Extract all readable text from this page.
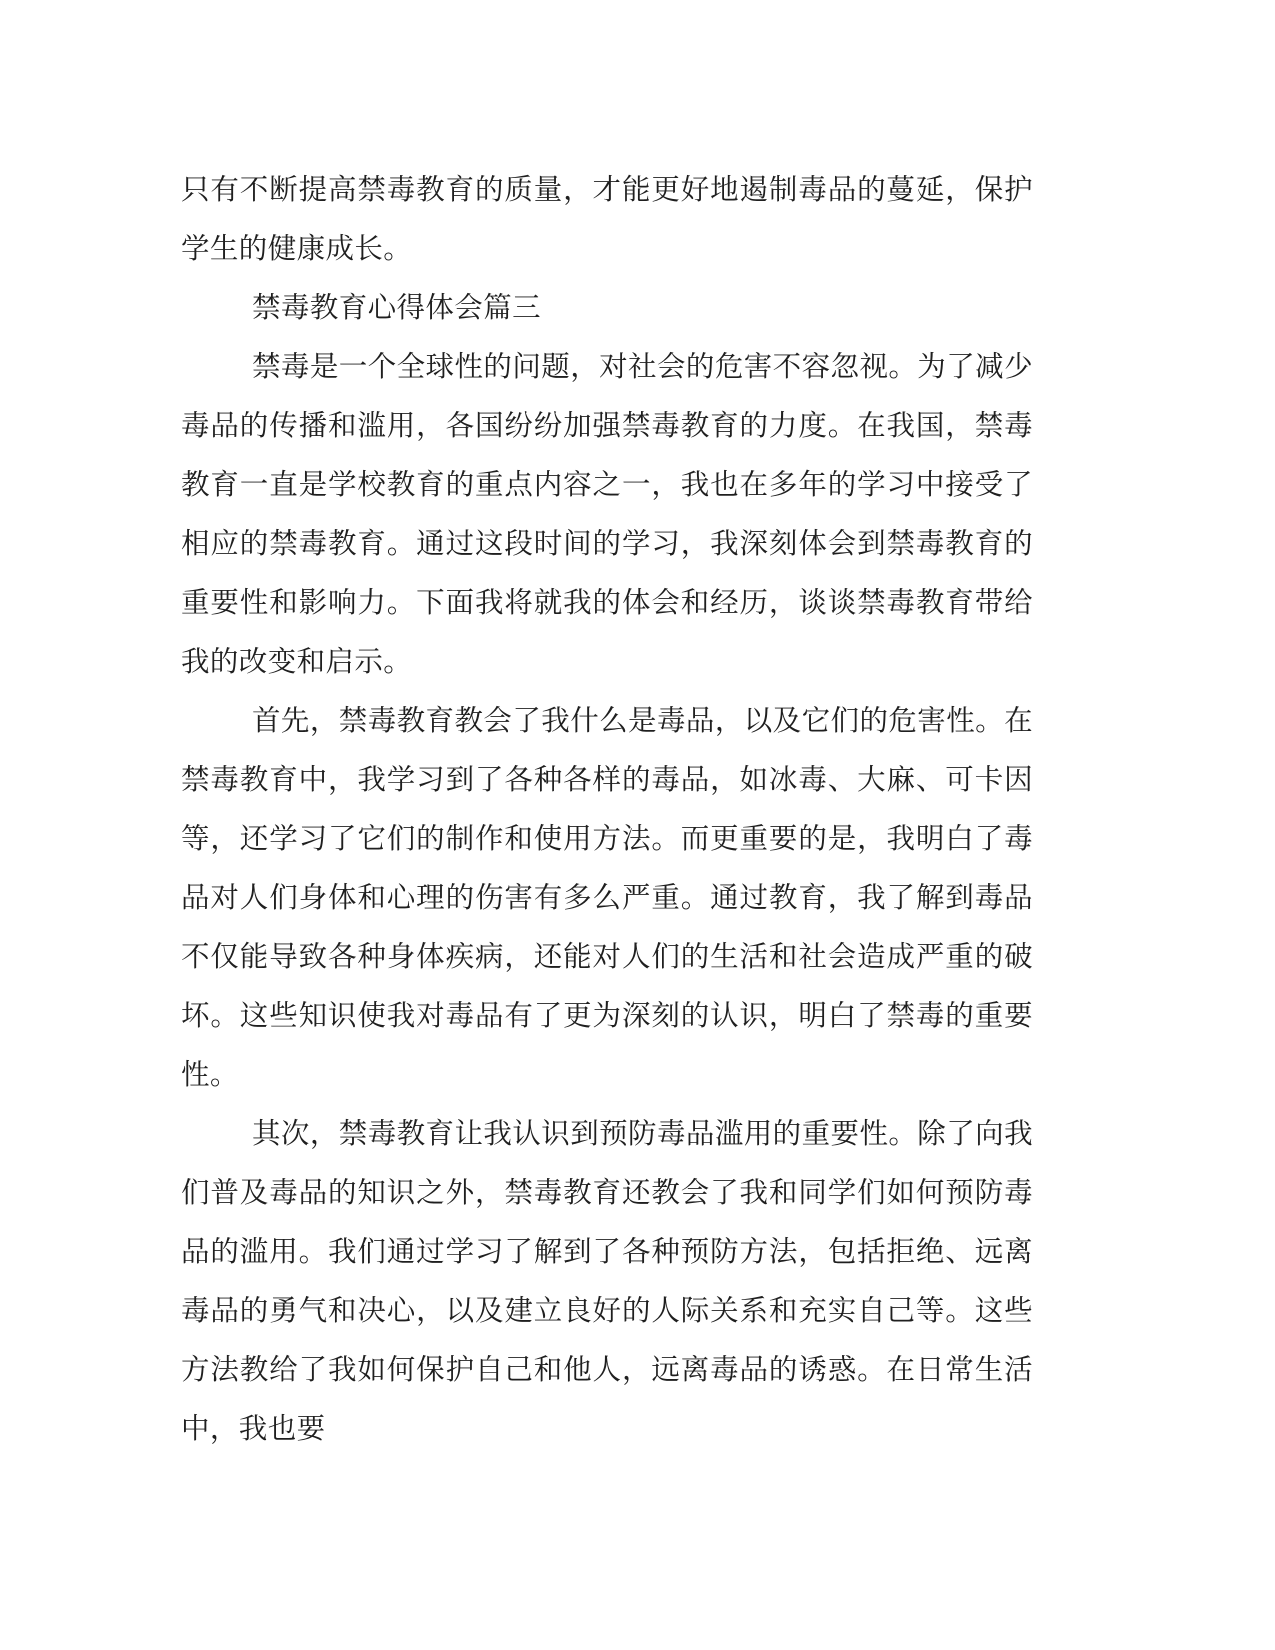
只有不断提高禁毒教育的质量，才能更好地遏制毒品的蔓延，保护学生的健康成长。

禁毒教育心得体会篇三

禁毒是一个全球性的问题，对社会的危害不容忽视。为了减少毒品的传播和滥用，各国纷纷加强禁毒教育的力度。在我国，禁毒教育一直是学校教育的重点内容之一，我也在多年的学习中接受了相应的禁毒教育。通过这段时间的学习，我深刻体会到禁毒教育的重要性和影响力。下面我将就我的体会和经历，谈谈禁毒教育带给我的改变和启示。

首先，禁毒教育教会了我什么是毒品，以及它们的危害性。在禁毒教育中，我学习到了各种各样的毒品，如冰毒、大麻、可卡因等，还学习了它们的制作和使用方法。而更重要的是，我明白了毒品对人们身体和心理的伤害有多么严重。通过教育，我了解到毒品不仅能导致各种身体疾病，还能对人们的生活和社会造成严重的破坏。这些知识使我对毒品有了更为深刻的认识，明白了禁毒的重要性。

其次，禁毒教育让我认识到预防毒品滥用的重要性。除了向我们普及毒品的知识之外，禁毒教育还教会了我和同学们如何预防毒品的滥用。我们通过学习了解到了各种预防方法，包括拒绝、远离毒品的勇气和决心，以及建立良好的人际关系和充实自己等。这些方法教给了我如何保护自己和他人，远离毒品的诱惑。在日常生活中，我也要
